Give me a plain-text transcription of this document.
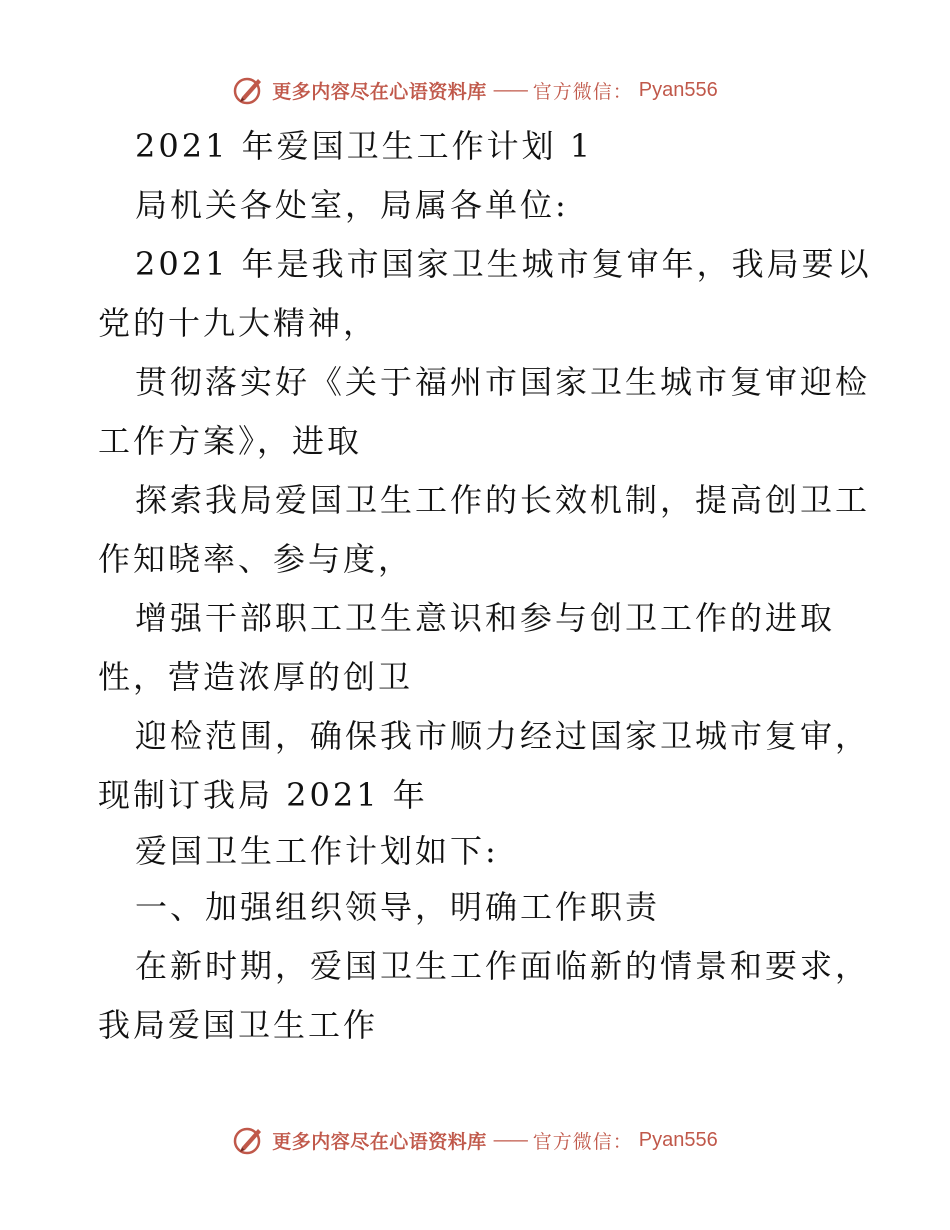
更多内容尽在心语资料库 —— 官方微信： Pyan556
2021 年爱国卫生工作计划 1
局机关各处室，局属各单位:
2021 年是我市国家卫生城市复审年，我局要以
党的十九大精神，
贯彻落实好《关于福州市国家卫生城市复审迎检
工作方案》，进取
探索我局爱国卫生工作的长效机制，提高创卫工
作知晓率、参与度，
增强干部职工卫生意识和参与创卫工作的进取
性，营造浓厚的创卫
迎检范围，确保我市顺力经过国家卫城市复审，
现制订我局 2021 年
爱国卫生工作计划如下:
一、加强组织领导，明确工作职责
在新时期，爱国卫生工作面临新的情景和要求，
我局爱国卫生工作
更多内容尽在心语资料库 —— 官方微信： Pyan556
